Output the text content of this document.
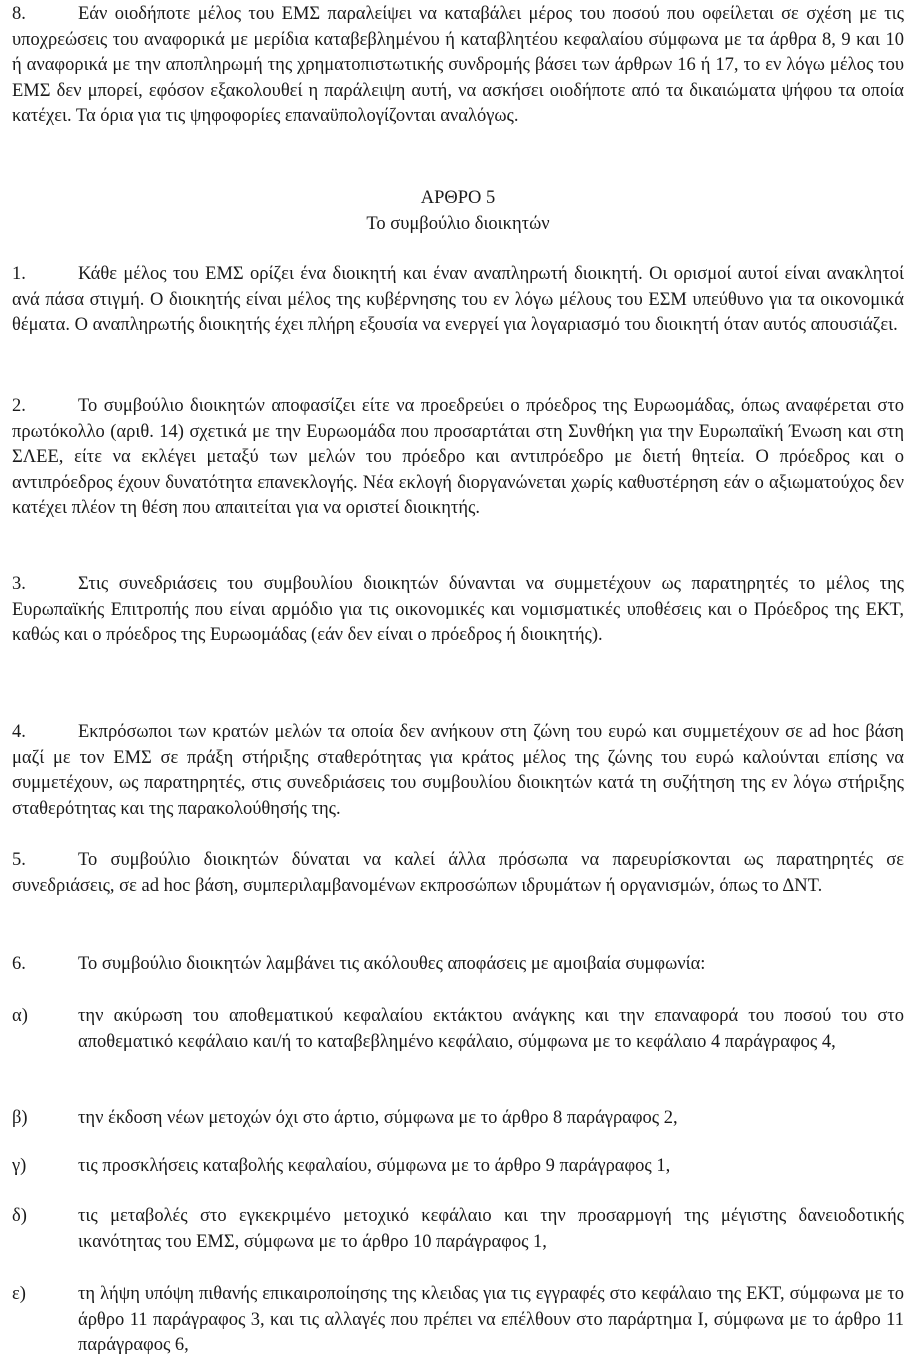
8.	Εάν οιοδήποτε μέλος του ΕΜΣ παραλείψει να καταβάλει μέρος του ποσού που οφείλεται σε σχέση με τις υποχρεώσεις του αναφορικά με μερίδια καταβεβλημένου ή καταβλητέου κεφαλαίου σύμφωνα με τα άρθρα 8, 9 και 10 ή αναφορικά με την αποπληρωμή της χρηματοπιστωτικής συνδρομής βάσει των άρθρων 16 ή 17, το εν λόγω μέλος του ΕΜΣ δεν μπορεί, εφόσον εξακολουθεί η παράλειψη αυτή, να ασκήσει οιοδήποτε από τα δικαιώματα ψήφου τα οποία κατέχει. Τα όρια για τις ψηφοφορίες επαναϋπολογίζονται αναλόγως.
ΑΡΘΡΟ 5
Το συμβούλιο διοικητών
1.	Κάθε μέλος του ΕΜΣ ορίζει ένα διοικητή και έναν αναπληρωτή διοικητή. Οι ορισμοί αυτοί είναι ανακλητοί ανά πάσα στιγμή. Ο διοικητής είναι μέλος της κυβέρνησης του εν λόγω μέλους του ΕΣΜ υπεύθυνο για τα οικονομικά θέματα. Ο αναπληρωτής διοικητής έχει πλήρη εξουσία να ενεργεί για λογαριασμό του διοικητή όταν αυτός απουσιάζει.
2.	Το συμβούλιο διοικητών αποφασίζει είτε να προεδρεύει ο πρόεδρος της Ευρωομάδας, όπως αναφέρεται στο πρωτόκολλο (αριθ. 14) σχετικά με την Ευρωομάδα που προσαρτάται στη Συνθήκη για την Ευρωπαϊκή Ένωση και στη ΣΛΕΕ, είτε να εκλέγει μεταξύ των μελών του πρόεδρο και αντιπρόεδρο με διετή θητεία. Ο πρόεδρος και ο αντιπρόεδρος έχουν δυνατότητα επανεκλογής. Νέα εκλογή διοργανώνεται χωρίς καθυστέρηση εάν ο αξιωματούχος δεν κατέχει πλέον τη θέση που απαιτείται για να οριστεί διοικητής.
3.	Στις συνεδριάσεις του συμβουλίου διοικητών δύνανται να συμμετέχουν ως παρατηρητές το μέλος της Ευρωπαϊκής Επιτροπής που είναι αρμόδιο για τις οικονομικές και νομισματικές υποθέσεις και ο Πρόεδρος της ΕΚΤ, καθώς και ο πρόεδρος της Ευρωομάδας (εάν δεν είναι ο πρόεδρος ή διοικητής).
4.	Εκπρόσωποι των κρατών μελών τα οποία δεν ανήκουν στη ζώνη του ευρώ και συμμετέχουν σε ad hoc βάση μαζί με τον ΕΜΣ σε πράξη στήριξης σταθερότητας για κράτος μέλος της ζώνης του ευρώ καλούνται επίσης να συμμετέχουν, ως παρατηρητές, στις συνεδριάσεις του συμβουλίου διοικητών κατά τη συζήτηση της εν λόγω στήριξης σταθερότητας και της παρακολούθησής της.
5.	Το συμβούλιο διοικητών δύναται να καλεί άλλα πρόσωπα να παρευρίσκονται ως παρατηρητές σε συνεδριάσεις, σε ad hoc βάση, συμπεριλαμβανομένων εκπροσώπων ιδρυμάτων ή οργανισμών, όπως το ΔΝΤ.
6.	Το συμβούλιο διοικητών λαμβάνει τις ακόλουθες αποφάσεις με αμοιβαία συμφωνία:
α)	την ακύρωση του αποθεματικού κεφαλαίου εκτάκτου ανάγκης και την επαναφορά του ποσού του στο αποθεματικό κεφάλαιο και/ή το καταβεβλημένο κεφάλαιο, σύμφωνα με το κεφάλαιο 4 παράγραφος 4,
β)	την έκδοση νέων μετοχών όχι στο άρτιο, σύμφωνα με το άρθρο 8 παράγραφος 2,
γ)	τις προσκλήσεις καταβολής κεφαλαίου, σύμφωνα με το άρθρο 9 παράγραφος 1,
δ)	τις μεταβολές στο εγκεκριμένο μετοχικό κεφάλαιο και την προσαρμογή της μέγιστης δανειοδοτικής ικανότητας του ΕΜΣ, σύμφωνα με το άρθρο 10 παράγραφος 1,
ε)	τη λήψη υπόψη πιθανής επικαιροποίησης της κλειδας για τις εγγραφές στο κεφάλαιο της ΕΚΤ, σύμφωνα με το άρθρο 11 παράγραφος 3, και τις αλλαγές που πρέπει να επέλθουν στο παράρτημα Ι, σύμφωνα με το άρθρο 11 παράγραφος 6,
